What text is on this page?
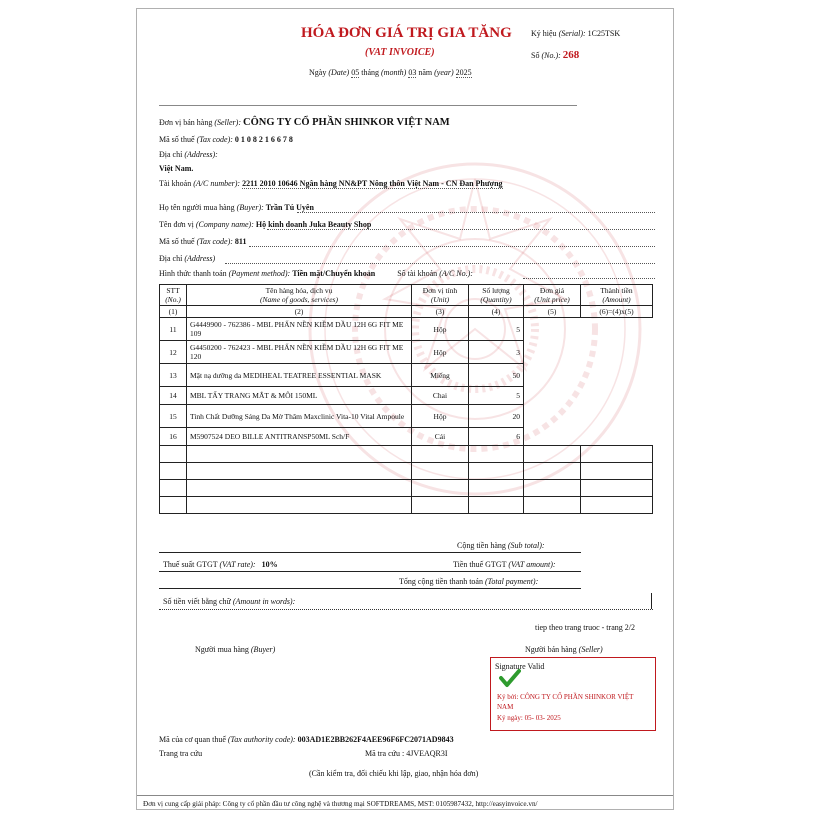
HÓA ĐƠN GIÁ TRỊ GIA TĂNG
(VAT INVOICE)
Ngày (Date) 05 tháng (month) 03 năm (year) 2025
Ký hiệu (Serial): 1C25TSK
Số (No.): 268
Đơn vị bán hàng (Seller): CÔNG TY CỔ PHẦN SHINKOR VIỆT NAM
Mã số thuế (Tax code): 0 1 0 8 2 1 6 6 7 8
Địa chỉ (Address):
Việt Nam.
Tài khoản (A/C number): 2211 2010 10646 Ngân hàng NN&PT Nông thôn Việt Nam - CN Đan Phượng
Họ tên người mua hàng (Buyer): Trần Tú Uyên
Tên đơn vị (Company name): Hộ kinh doanh Juka Beauty Shop
Mã số thuế (Tax code): 811
Địa chỉ (Address)
Hình thức thanh toán (Payment method): Tiền mặt/Chuyển khoản	Số tài khoản (A/C No.):
STT
(No.)	Tên hàng hóa, dịch vụ
(Name of goods, services)	Đơn vị tính
(Unit)	Số lượng
(Quantity)	Đơn giá
(Unit price)	Thành tiền
(Amount)
(1)	(2)	(3)	(4)	(5)	(6)=(4)x(5)
11	G4449900 - 762386 - MBL PHẤN NỀN KIỀM DẦU 12H 6G FIT ME 109	Hộp	5		
12	G4450200 - 762423 - MBL PHẤN NỀN KIỀM DẦU 12H 6G FIT ME 120	Hộp	3		
13	Mặt nạ dưỡng da MEDIHEAL TEATREE ESSENTIAL MASK	Miếng	50		
14	MBL TẨY TRANG MẮT & MÔI 150ML	Chai	5		
15	Tinh Chất Dưỡng Sáng Da Mờ Thâm Maxclinic Vita-10 Vital Ampoule	Hộp	20		
16	M5907524 DEO BILLE ANTITRANSP50ML Sch/F	Cái	6		

Cộng tiền hàng (Sub total):
Thuế suất GTGT (VAT rate): 10%	Tiền thuế GTGT (VAT amount):
Tổng cộng tiền thanh toán (Total payment):
Số tiền viết bằng chữ (Amount in words):
tiep theo trang truoc - trang 2/2
Người mua hàng (Buyer)	Người bán hàng (Seller)
Signature Valid
Ký bởi: CÔNG TY CỔ PHẦN SHINKOR VIỆT NAM
Ký ngày: 05- 03- 2025
Mã của cơ quan thuế (Tax authority code): 003AD1E2BB262F4AEE96F6FC2071AD9843
Trang tra cứu	Mã tra cứu : 4JVEAQR3I
(Cần kiểm tra, đối chiếu khi lập, giao, nhận hóa đơn)
Đơn vị cung cấp giải pháp: Công ty cổ phần đầu tư công nghệ và thương mại SOFTDREAMS, MST: 0105987432, http://easyinvoice.vn/
